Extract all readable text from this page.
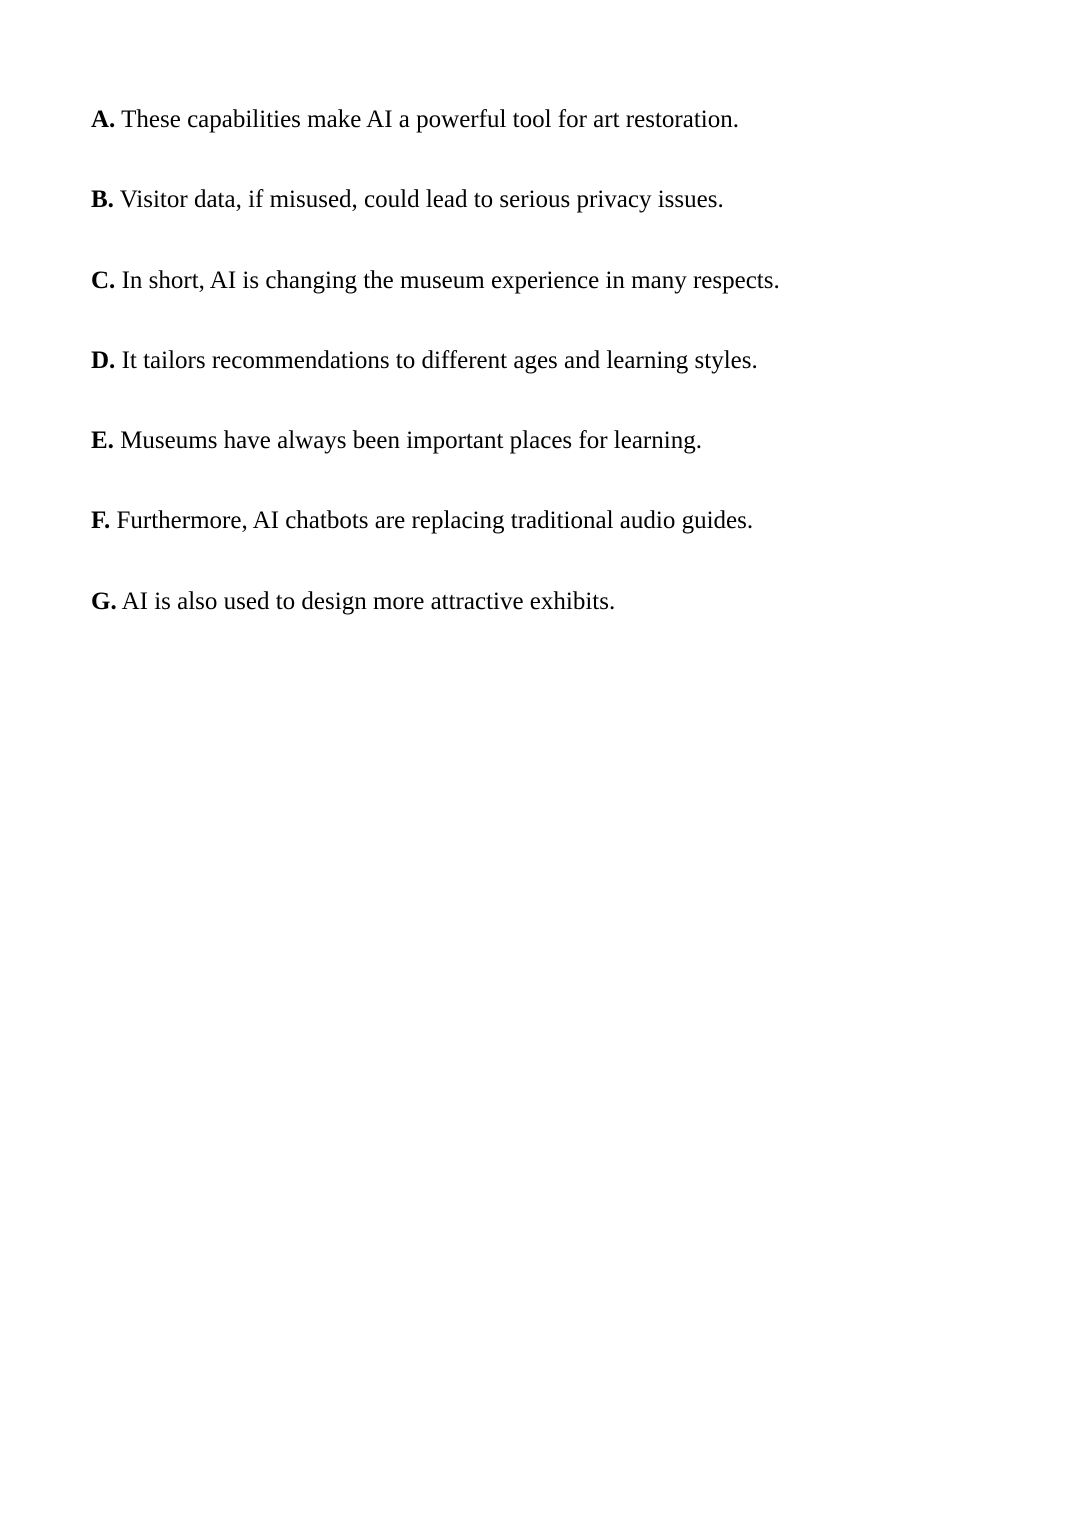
A. These capabilities make AI a powerful tool for art restoration.
B. Visitor data, if misused, could lead to serious privacy issues.
C. In short, AI is changing the museum experience in many respects.
D. It tailors recommendations to different ages and learning styles.
E. Museums have always been important places for learning.
F. Furthermore, AI chatbots are replacing traditional audio guides.
G. AI is also used to design more attractive exhibits.
